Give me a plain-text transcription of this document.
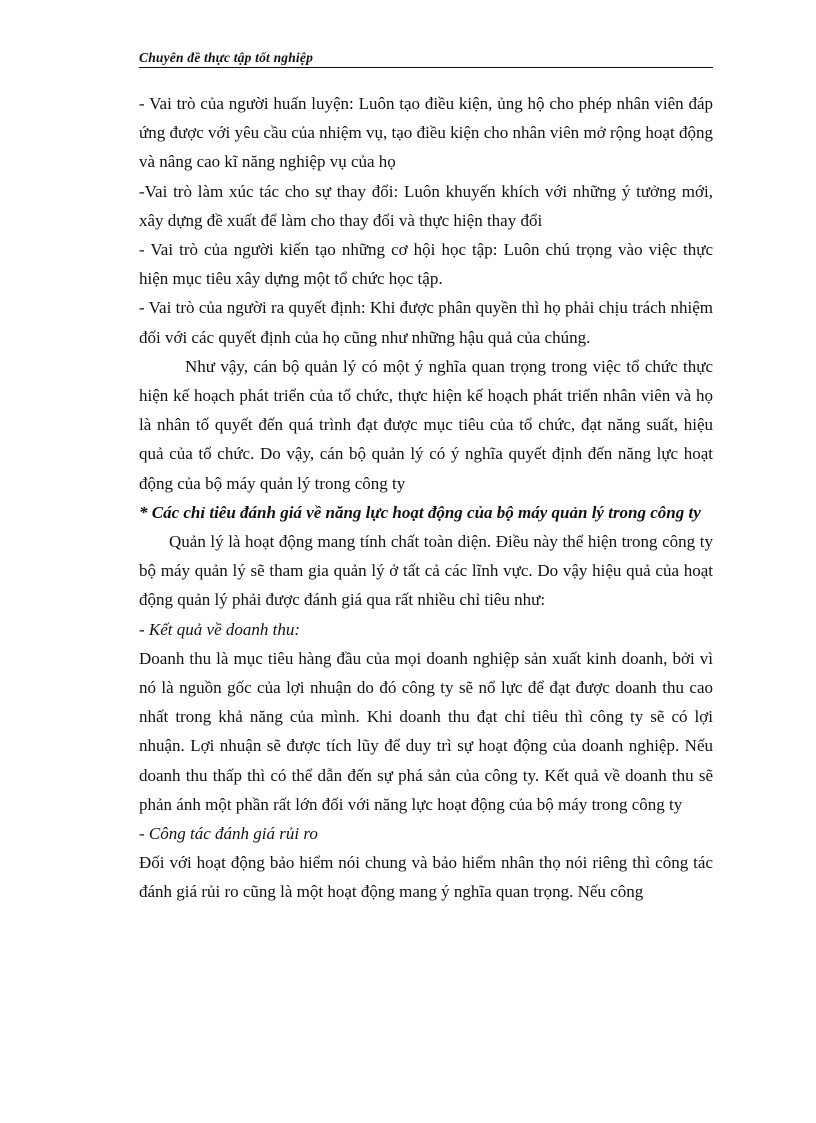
Chuyên đề thực tập tốt nghiệp

- Vai trò của người huấn luyện: Luôn tạo điều kiện, ủng hộ cho phép nhân viên đáp ứng được với yêu cầu của nhiệm vụ, tạo điều kiện cho nhân viên mở rộng hoạt động và nâng cao kĩ năng nghiệp vụ của họ

-Vai trò làm xúc tác cho sự thay đổi: Luôn khuyến khích với những ý tưởng mới, xây dựng đề xuất để làm cho thay đổi và thực hiện thay đổi

- Vai trò của người kiến tạo những cơ hội học tập: Luôn chú trọng vào việc thực hiện mục tiêu xây dựng một tổ chức học tập.

- Vai trò của người ra quyết định: Khi được phân quyền thì họ phải chịu trách nhiệm đối với các quyết định của họ cũng như những hậu quả của chúng.

Như vậy, cán bộ quản lý có một ý nghĩa quan trọng trong việc tổ chức thực hiện kế hoạch phát triển của tổ chức, thực hiện kế hoạch phát triển nhân viên và họ là nhân tố quyết đến quá trình đạt được mục tiêu của tổ chức, đạt năng suất, hiệu quả của tổ chức. Do vậy, cán bộ quản lý có ý nghĩa quyết định đến năng lực hoạt động của bộ máy quản lý trong công ty

* Các chỉ tiêu đánh giá về năng lực hoạt động của bộ máy quản lý trong công ty

Quản lý là hoạt động mang tính chất toàn diện. Điều này thể hiện trong công ty bộ máy quản lý sẽ tham gia quản lý ở tất cả các lĩnh vực. Do vậy hiệu quả của hoạt động quản lý phải được đánh giá qua rất nhiều chỉ tiêu như:

- Kết quả về doanh thu:

Doanh thu là mục tiêu hàng đầu của mọi doanh nghiệp sản xuất kinh doanh, bởi vì nó là nguồn gốc của lợi nhuận do đó công ty sẽ nổ lực để đạt được doanh thu cao nhất trong khả năng của mình. Khi doanh thu đạt chỉ tiêu thì công ty sẽ có lợi nhuận. Lợi nhuận sẽ được tích lũy để duy trì sự hoạt động của doanh nghiệp. Nếu doanh thu thấp thì có thể dẫn đến sự phá sản của công ty. Kết quả về doanh thu sẽ phản ánh một phần rất lớn đối với năng lực hoạt động của bộ máy trong công ty

- Công tác đánh giá rủi ro

Đối với hoạt động bảo hiểm nói chung và bảo hiểm nhân thọ nói riêng thì công tác đánh giá rủi ro cũng là một hoạt động mang ý nghĩa quan trọng. Nếu công
